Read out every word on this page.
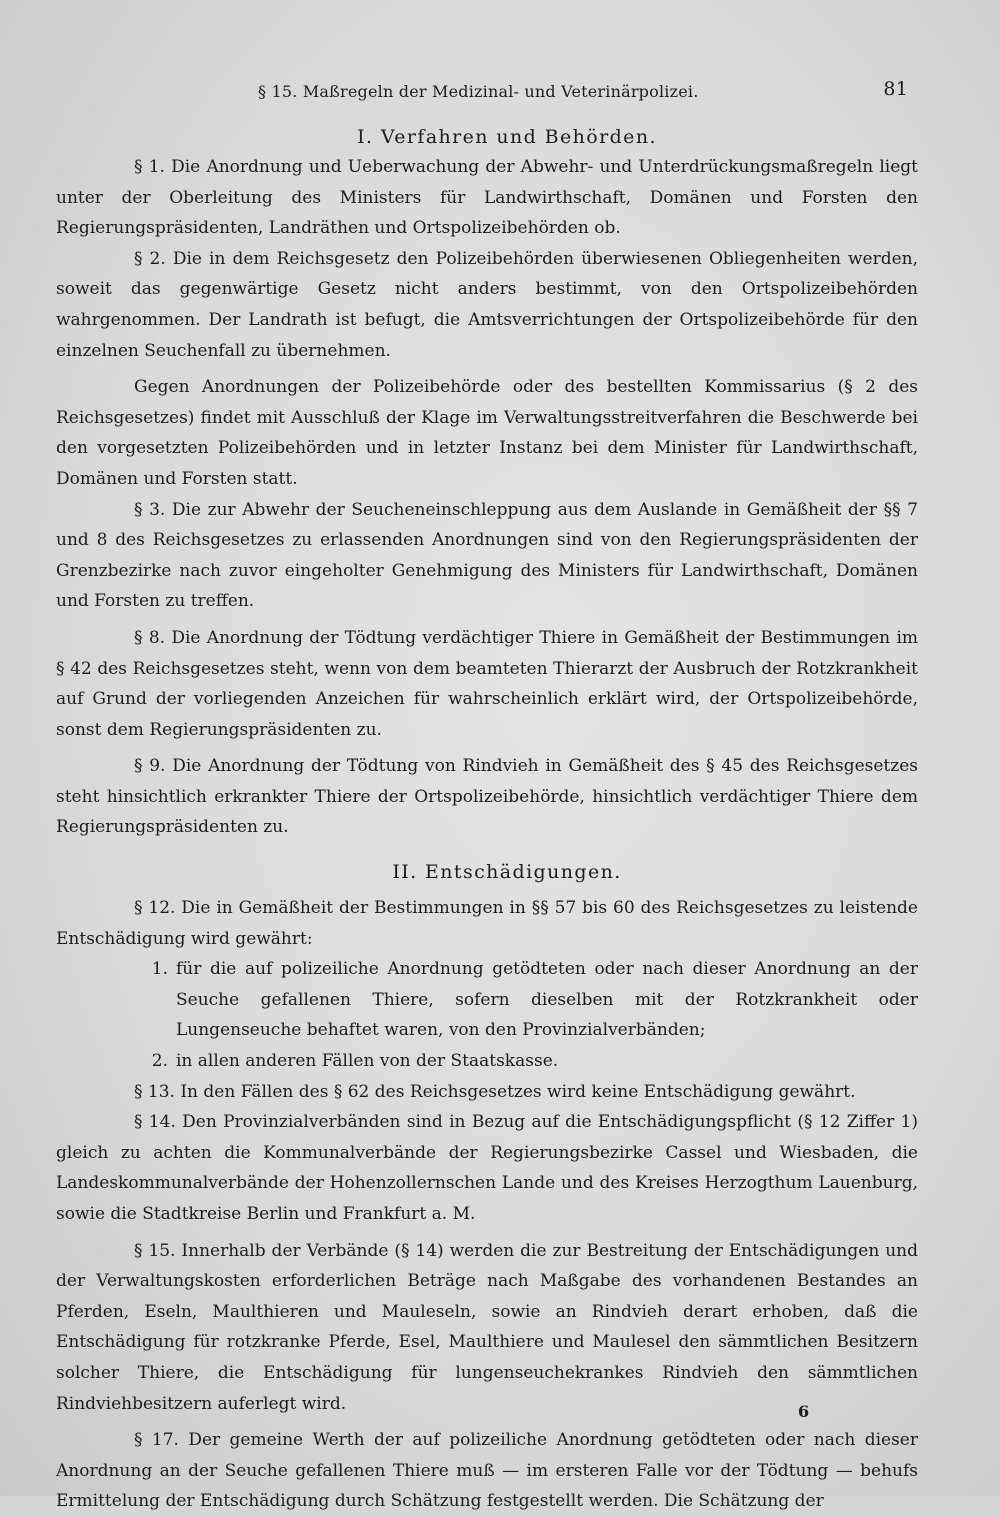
§ 15. Maßregeln der Medizinal- und Veterinärpolizei.	81
I. Verfahren und Behörden.

§ 1. Die Anordnung und Ueberwachung der Abwehr- und Unterdrückungsmaßregeln liegt unter der Oberleitung des Ministers für Landwirthschaft, Domänen und Forsten den Regierungspräsidenten, Landräthen und Ortspolizeibehörden ob.

§ 2. Die in dem Reichsgesetz den Polizeibehörden überwiesenen Obliegenheiten werden, soweit das gegenwärtige Gesetz nicht anders bestimmt, von den Ortspolizeibehörden wahrgenommen. Der Landrath ist befugt, die Amtsverrichtungen der Ortspolizeibehörde für den einzelnen Seuchenfall zu übernehmen.

Gegen Anordnungen der Polizeibehörde oder des bestellten Kommissarius (§ 2 des Reichsgesetzes) findet mit Ausschluß der Klage im Verwaltungsstreitverfahren die Beschwerde bei den vorgesetzten Polizeibehörden und in letzter Instanz bei dem Minister für Landwirthschaft, Domänen und Forsten statt.

§ 3. Die zur Abwehr der Seucheneinschleppung aus dem Auslande in Gemäßheit der §§ 7 und 8 des Reichsgesetzes zu erlassenden Anordnungen sind von den Regierungspräsidenten der Grenzbezirke nach zuvor eingeholter Genehmigung des Ministers für Landwirthschaft, Domänen und Forsten zu treffen.

§ 8. Die Anordnung der Tödtung verdächtiger Thiere in Gemäßheit der Bestimmungen im § 42 des Reichsgesetzes steht, wenn von dem beamteten Thierarzt der Ausbruch der Rotzkrankheit auf Grund der vorliegenden Anzeichen für wahrscheinlich erklärt wird, der Ortspolizeibehörde, sonst dem Regierungspräsidenten zu.

§ 9. Die Anordnung der Tödtung von Rindvieh in Gemäßheit des § 45 des Reichsgesetzes steht hinsichtlich erkrankter Thiere der Ortspolizeibehörde, hinsichtlich verdächtiger Thiere dem Regierungspräsidenten zu.

II. Entschädigungen.

§ 12. Die in Gemäßheit der Bestimmungen in §§ 57 bis 60 des Reichsgesetzes zu leistende Entschädigung wird gewährt:

1. für die auf polizeiliche Anordnung getödteten oder nach dieser Anordnung an der Seuche gefallenen Thiere, sofern dieselben mit der Rotzkrankheit oder Lungenseuche behaftet waren, von den Provinzialverbänden;
2. in allen anderen Fällen von der Staatskasse.

§ 13. In den Fällen des § 62 des Reichsgesetzes wird keine Entschädigung gewährt.

§ 14. Den Provinzialverbänden sind in Bezug auf die Entschädigungspflicht (§ 12 Ziffer 1) gleich zu achten die Kommunalverbände der Regierungsbezirke Cassel und Wiesbaden, die Landeskommunalverbände der Hohenzollernschen Lande und des Kreises Herzogthum Lauenburg, sowie die Stadtkreise Berlin und Frankfurt a. M.

§ 15. Innerhalb der Verbände (§ 14) werden die zur Bestreitung der Entschädigungen und der Verwaltungskosten erforderlichen Beträge nach Maßgabe des vorhandenen Bestandes an Pferden, Eseln, Maulthieren und Mauleseln, sowie an Rindvieh derart erhoben, daß die Entschädigung für rotzkranke Pferde, Esel, Maulthiere und Maulesel den sämmtlichen Besitzern solcher Thiere, die Entschädigung für lungenseuchekrankes Rindvieh den sämmtlichen Rindviehbesitzern auferlegt wird.

§ 17. Der gemeine Werth der auf polizeiliche Anordnung getödteten oder nach dieser Anordnung an der Seuche gefallenen Thiere muß — im ersteren Falle vor der Tödtung — behufs Ermittelung der Entschädigung durch Schätzung festgestellt werden. Die Schätzung der

6
